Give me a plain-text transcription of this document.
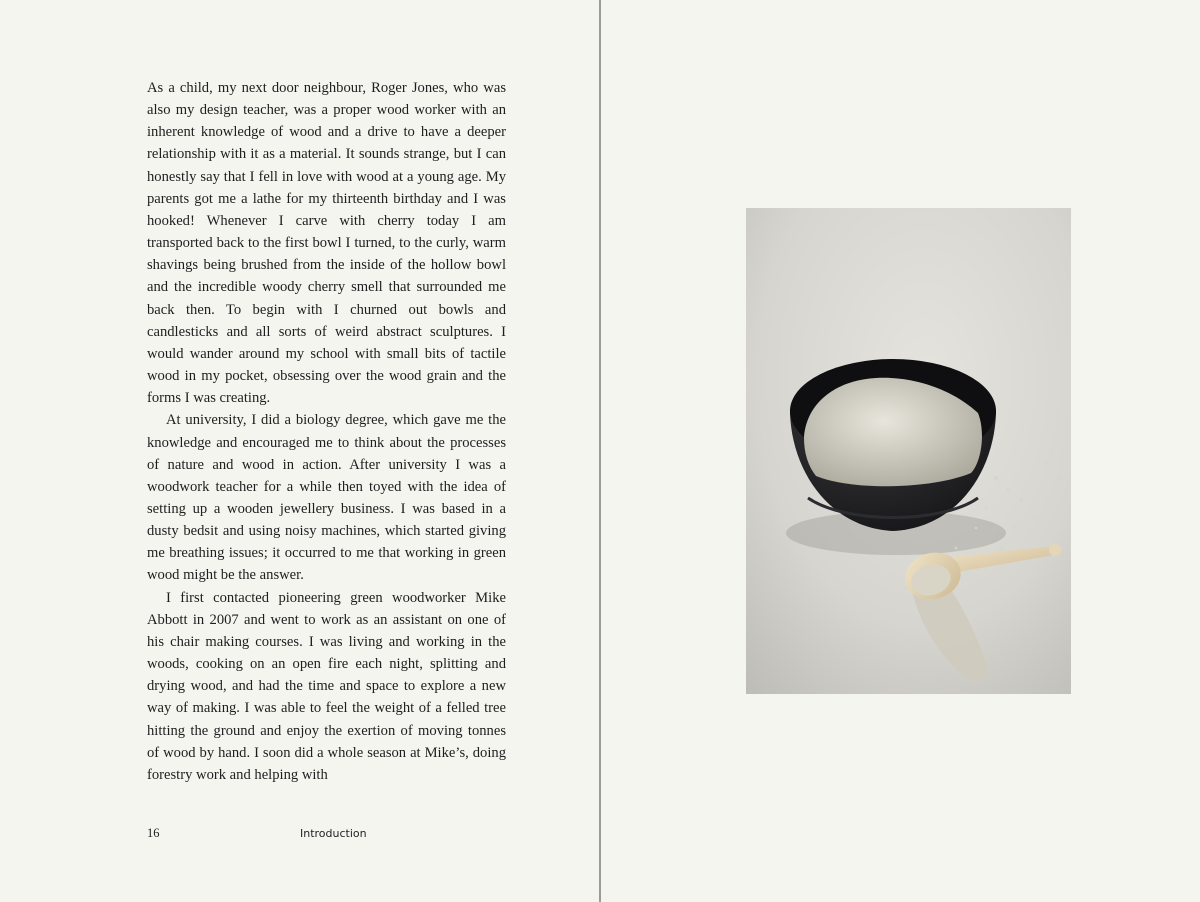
As a child, my next door neighbour, Roger Jones, who was also my design teacher, was a proper wood worker with an inherent knowledge of wood and a drive to have a deeper relationship with it as a material. It sounds strange, but I can honestly say that I fell in love with wood at a young age. My parents got me a lathe for my thirteenth birthday and I was hooked! Whenever I carve with cherry today I am transported back to the first bowl I turned, to the curly, warm shavings being brushed from the inside of the hollow bowl and the incredible woody cherry smell that surrounded me back then. To begin with I churned out bowls and candlesticks and all sorts of weird abstract sculptures. I would wander around my school with small bits of tactile wood in my pocket, obsessing over the wood grain and the forms I was creating.

At university, I did a biology degree, which gave me the knowledge and encouraged me to think about the processes of nature and wood in action. After university I was a woodwork teacher for a while then toyed with the idea of setting up a wooden jewellery business. I was based in a dusty bedsit and using noisy machines, which started giving me breathing issues; it occurred to me that working in green wood might be the answer.

I first contacted pioneering green woodworker Mike Abbott in 2007 and went to work as an assistant on one of his chair making courses. I was living and working in the woods, cooking on an open fire each night, splitting and drying wood, and had the time and space to explore a new way of making. I was able to feel the weight of a felled tree hitting the ground and enjoy the exertion of moving tonnes of wood by hand. I soon did a whole season at Mike’s, doing forestry work and helping with

16	Introduction
